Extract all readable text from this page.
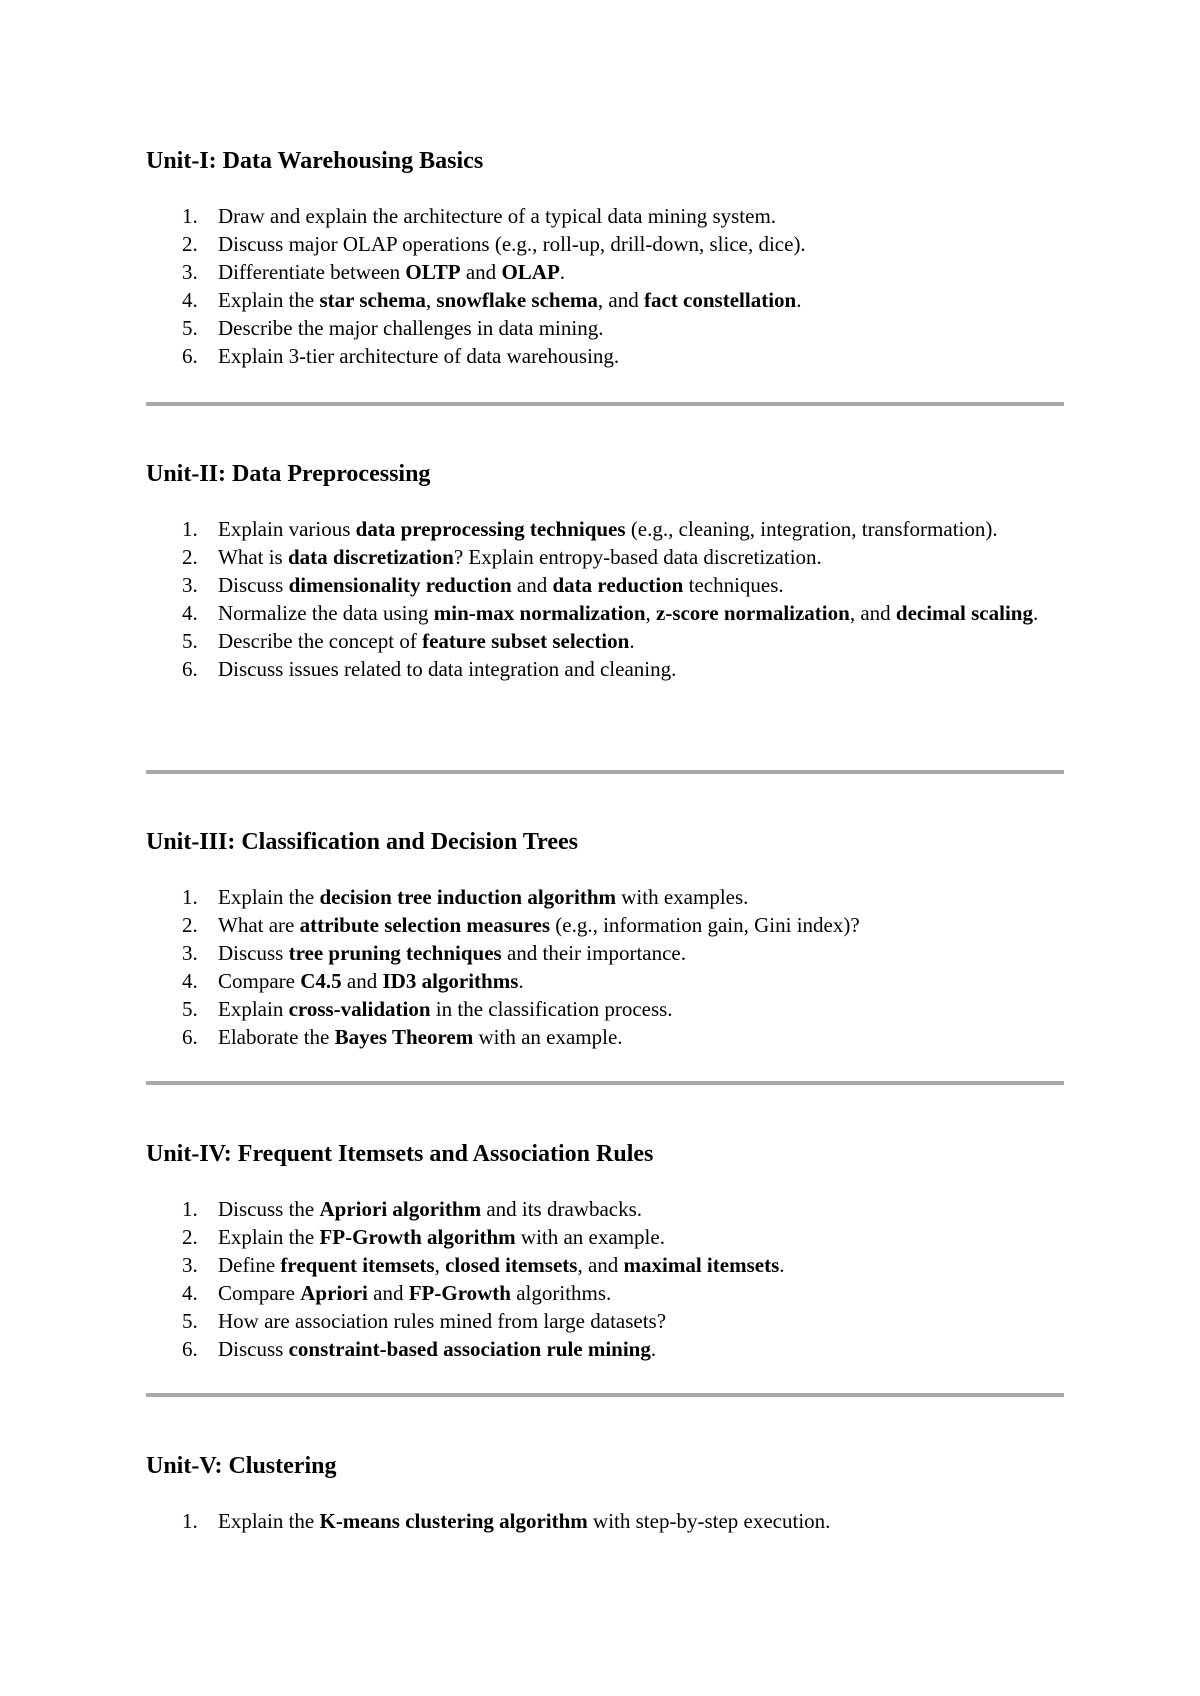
Unit-I: Data Warehousing Basics
1. Draw and explain the architecture of a typical data mining system.
2. Discuss major OLAP operations (e.g., roll-up, drill-down, slice, dice).
3. Differentiate between OLTP and OLAP.
4. Explain the star schema, snowflake schema, and fact constellation.
5. Describe the major challenges in data mining.
6. Explain 3-tier architecture of data warehousing.
Unit-II: Data Preprocessing
1. Explain various data preprocessing techniques (e.g., cleaning, integration, transformation).
2. What is data discretization? Explain entropy-based data discretization.
3. Discuss dimensionality reduction and data reduction techniques.
4. Normalize the data using min-max normalization, z-score normalization, and decimal scaling.
5. Describe the concept of feature subset selection.
6. Discuss issues related to data integration and cleaning.
Unit-III: Classification and Decision Trees
1. Explain the decision tree induction algorithm with examples.
2. What are attribute selection measures (e.g., information gain, Gini index)?
3. Discuss tree pruning techniques and their importance.
4. Compare C4.5 and ID3 algorithms.
5. Explain cross-validation in the classification process.
6. Elaborate the Bayes Theorem with an example.
Unit-IV: Frequent Itemsets and Association Rules
1. Discuss the Apriori algorithm and its drawbacks.
2. Explain the FP-Growth algorithm with an example.
3. Define frequent itemsets, closed itemsets, and maximal itemsets.
4. Compare Apriori and FP-Growth algorithms.
5. How are association rules mined from large datasets?
6. Discuss constraint-based association rule mining.
Unit-V: Clustering
1. Explain the K-means clustering algorithm with step-by-step execution.
